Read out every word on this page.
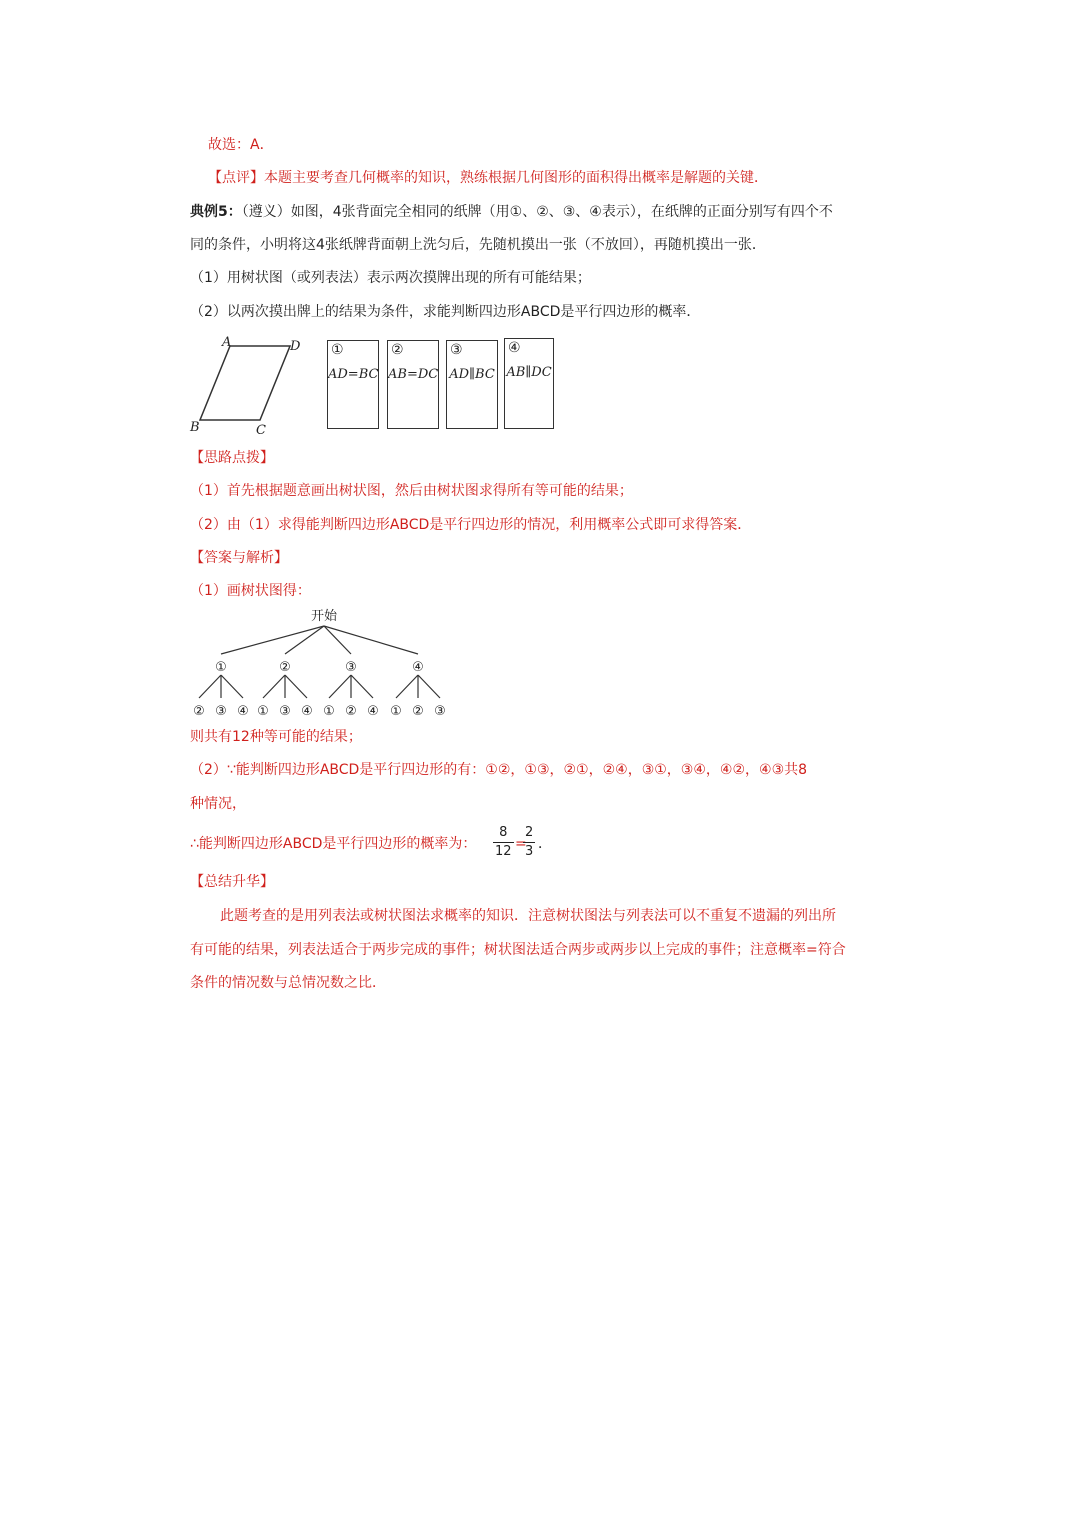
故选：A．
【点评】本题主要考查几何概率的知识，熟练根据几何图形的面积得出概率是解题的关键．
典例5：（遵义）如图，4张背面完全相同的纸牌（用①、②、③、④表示），在纸牌的正面分别写有四个不
同的条件，小明将这4张纸牌背面朝上洗匀后，先随机摸出一张（不放回），再随机摸出一张．
（1）用树状图（或列表法）表示两次摸牌出现的所有可能结果；
（2）以两次摸出牌上的结果为条件，求能判断四边形ABCD是平行四边形的概率．
A	D
B	C
①
AD=BC
②
AB=DC
③
AD∥BC
④
AB∥DC
【思路点拨】
（1）首先根据题意画出树状图，然后由树状图求得所有等可能的结果；
（2）由（1）求得能判断四边形ABCD是平行四边形的情况，利用概率公式即可求得答案．
【答案与解析】
（1）画树状图得：
开始
①
② ③ ④
②
① ③ ④
③
① ② ④
④
① ② ③
则共有12种等可能的结果；
（2）∵能判断四边形ABCD是平行四边形的有：①②，①③，②①，②④，③①，③④，④②，④③共8
种情况，
∴能判断四边形ABCD是平行四边形的概率为： $\frac{8}{12}$ =
$\frac{2}{3}$ ．
【总结升华】
此题考查的是用列表法或树状图法求概率的知识．注意树状图法与列表法可以不重复不遗漏的列出所
有可能的结果，列表法适合于两步完成的事件；树状图法适合两步或两步以上完成的事件；注意概率=符合
条件的情况数与总情况数之比．
